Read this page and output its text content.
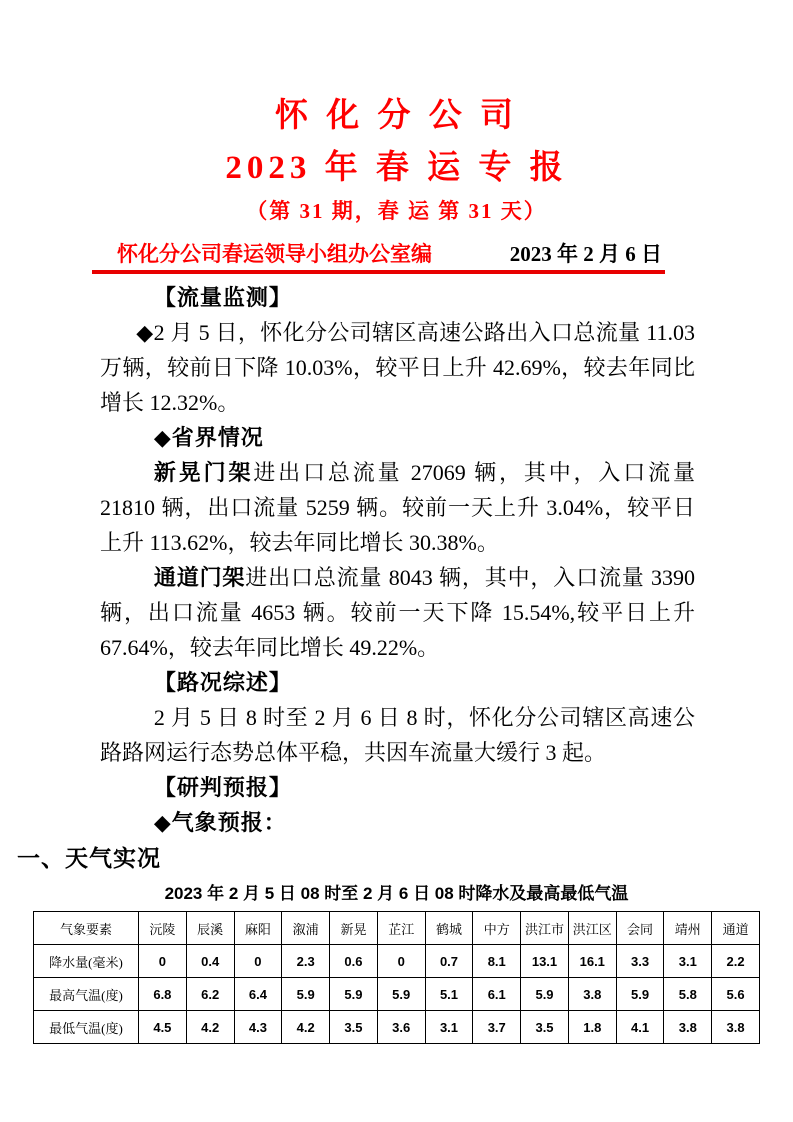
怀 化 分 公 司
2023 年 春 运 专 报
（第 31 期，春 运 第 31 天）
怀化分公司春运领导小组办公室编	2023 年 2 月 6 日

【流量监测】

◆2 月 5 日，怀化分公司辖区高速公路出入口总流量 11.03 万辆，较前日下降 10.03%，较平日上升 42.69%，较去年同比增长 12.32%。

◆省界情况

新晃门架进出口总流量 27069 辆，其中，入口流量 21810 辆，出口流量 5259 辆。较前一天上升 3.04%，较平日上升 113.62%，较去年同比增长 30.38%。

通道门架进出口总流量 8043 辆，其中，入口流量 3390 辆，出口流量 4653 辆。较前一天下降 15.54%,较平日上升 67.64%，较去年同比增长 49.22%。

【路况综述】

2 月 5 日 8 时至 2 月 6 日 8 时，怀化分公司辖区高速公路路网运行态势总体平稳，共因车流量大缓行 3 起。

【研判预报】

◆气象预报：

一、天气实况
2023 年 2 月 5 日 08 时至 2 月 6 日 08 时降水及最高最低气温
气象要素	沅陵	辰溪	麻阳	溆浦	新晃	芷江	鹤城	中方	洪江市	洪江区	会同	靖州	通道
降水量(毫米)	0	0.4	0	2.3	0.6	0	0.7	8.1	13.1	16.1	3.3	3.1	2.2
最高气温(度)	6.8	6.2	6.4	5.9	5.9	5.9	5.1	6.1	5.9	3.8	5.9	5.8	5.6
最低气温(度)	4.5	4.2	4.3	4.2	3.5	3.6	3.1	3.7	3.5	1.8	4.1	3.8	3.8
